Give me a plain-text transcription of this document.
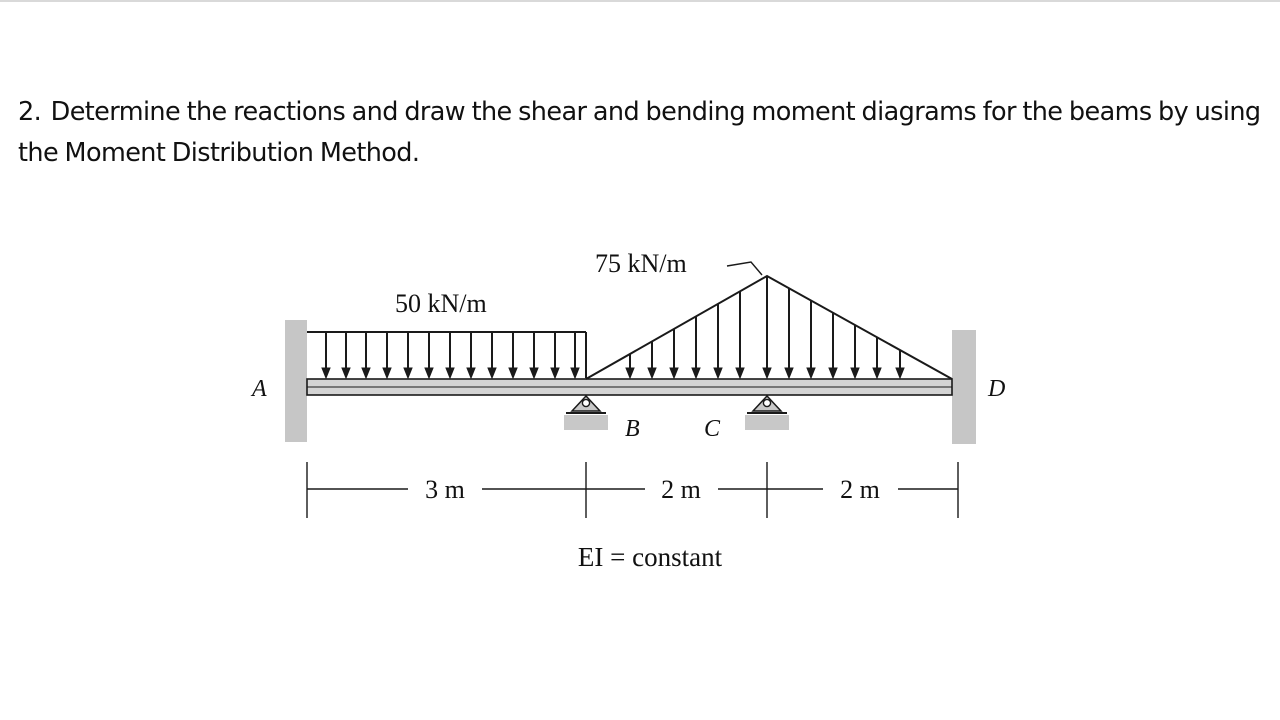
2. Determine the reactions and draw the shear and bending moment diagrams for the beams by using the Moment Distribution Method.
50 kN/m
75 kN/m
A
B	C
D
3 m	2 m	2 m
EI = constant
